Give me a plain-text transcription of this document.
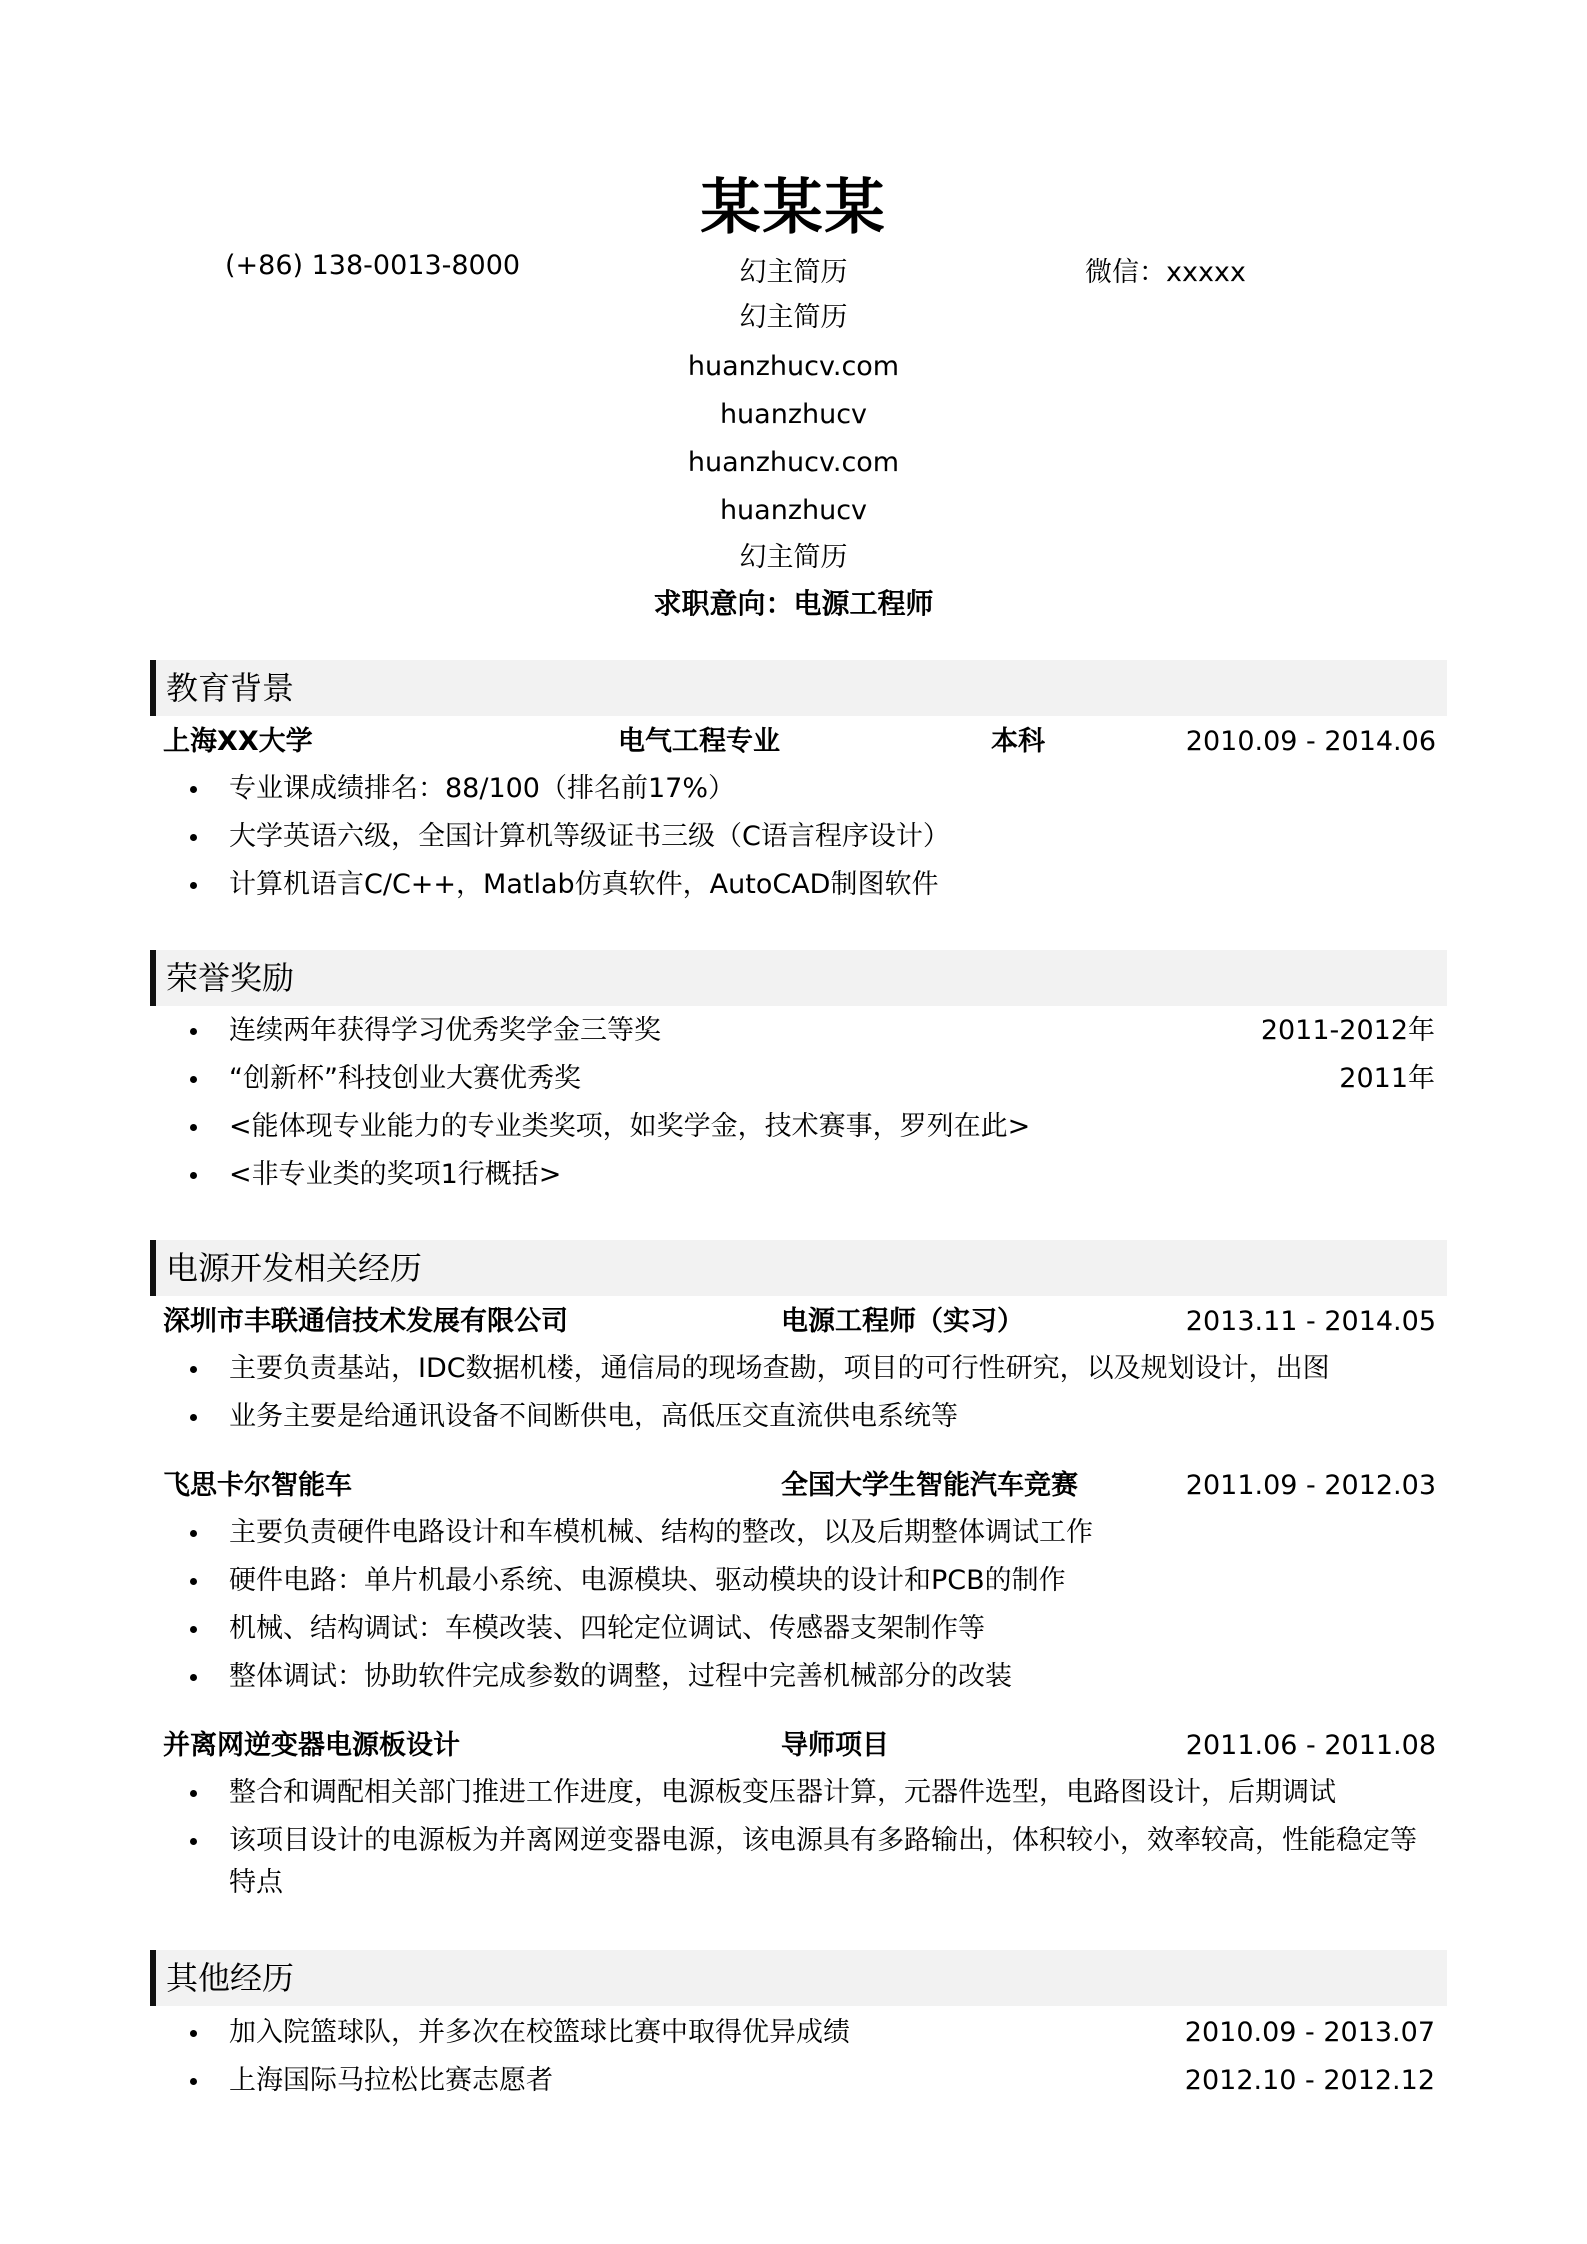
某某某
(+86) 138-0013-8000	幻主简历	微信：xxxxx
幻主简历
huanzhucv.com
huanzhucv
huanzhucv.com
huanzhucv
幻主简历
求职意向：电源工程师
教育背景
上海XX大学	电气工程专业	本科	2010.09 - 2014.06
专业课成绩排名：88/100（排名前17%）
大学英语六级，全国计算机等级证书三级（C语言程序设计）
计算机语言C/C++，Matlab仿真软件，AutoCAD制图软件
荣誉奖励
连续两年获得学习优秀奖学金三等奖	2011-2012年
“创新杯”科技创业大赛优秀奖	2011年
<能体现专业能力的专业类奖项，如奖学金，技术赛事，罗列在此>
<非专业类的奖项1行概括>
电源开发相关经历
深圳市丰联通信技术发展有限公司	电源工程师（实习）	2013.11 - 2014.05
主要负责基站，IDC数据机楼，通信局的现场查勘，项目的可行性研究，以及规划设计，出图
业务主要是给通讯设备不间断供电，高低压交直流供电系统等
飞思卡尔智能车	全国大学生智能汽车竞赛	2011.09 - 2012.03
主要负责硬件电路设计和车模机械、结构的整改，以及后期整体调试工作
硬件电路：单片机最小系统、电源模块、驱动模块的设计和PCB的制作
机械、结构调试：车模改装、四轮定位调试、传感器支架制作等
整体调试：协助软件完成参数的调整，过程中完善机械部分的改装
并离网逆变器电源板设计	导师项目	2011.06 - 2011.08
整合和调配相关部门推进工作进度，电源板变压器计算，元器件选型，电路图设计，后期调试
该项目设计的电源板为并离网逆变器电源，该电源具有多路输出，体积较小，效率较高，性能稳定等特点
其他经历
加入院篮球队，并多次在校篮球比赛中取得优异成绩	2010.09 - 2013.07
上海国际马拉松比赛志愿者	2012.10 - 2012.12
